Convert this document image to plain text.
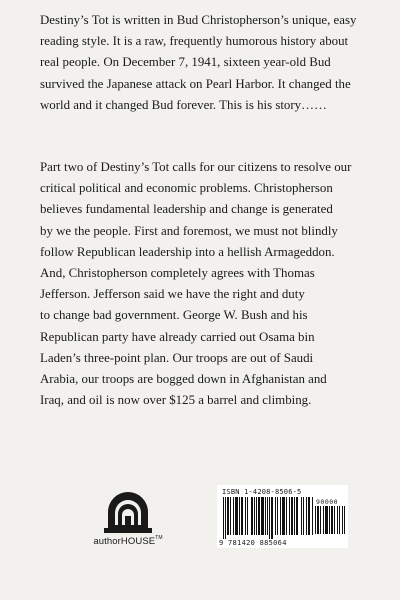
Destiny’s Tot is written in Bud Christopherson’s unique, easy
reading style. It is a raw, frequently humorous history about
real people. On December 7, 1941, sixteen year-old Bud
survived the Japanese attack on Pearl Harbor. It changed the
world and it changed Bud forever. This is his story……
Part two of Destiny’s Tot calls for our citizens to resolve our
critical political and economic problems. Christopherson
believes fundamental leadership and change is generated
by we the people. First and foremost, we must not blindly
follow Republican leadership into a hellish Armageddon.
And, Christopherson completely agrees with Thomas
Jefferson. Jefferson said we have the right and duty
to change bad government. George W. Bush and his
Republican party have already carried out Osama bin
Laden’s three-point plan. Our troops are out of Saudi
Arabia, our troops are bogged down in Afghanistan and
Iraq, and oil is now over $125 a barrel and climbing.
authorHOUSE™
ISBN 1-4208-8506-5
90000
9 781420 885064
